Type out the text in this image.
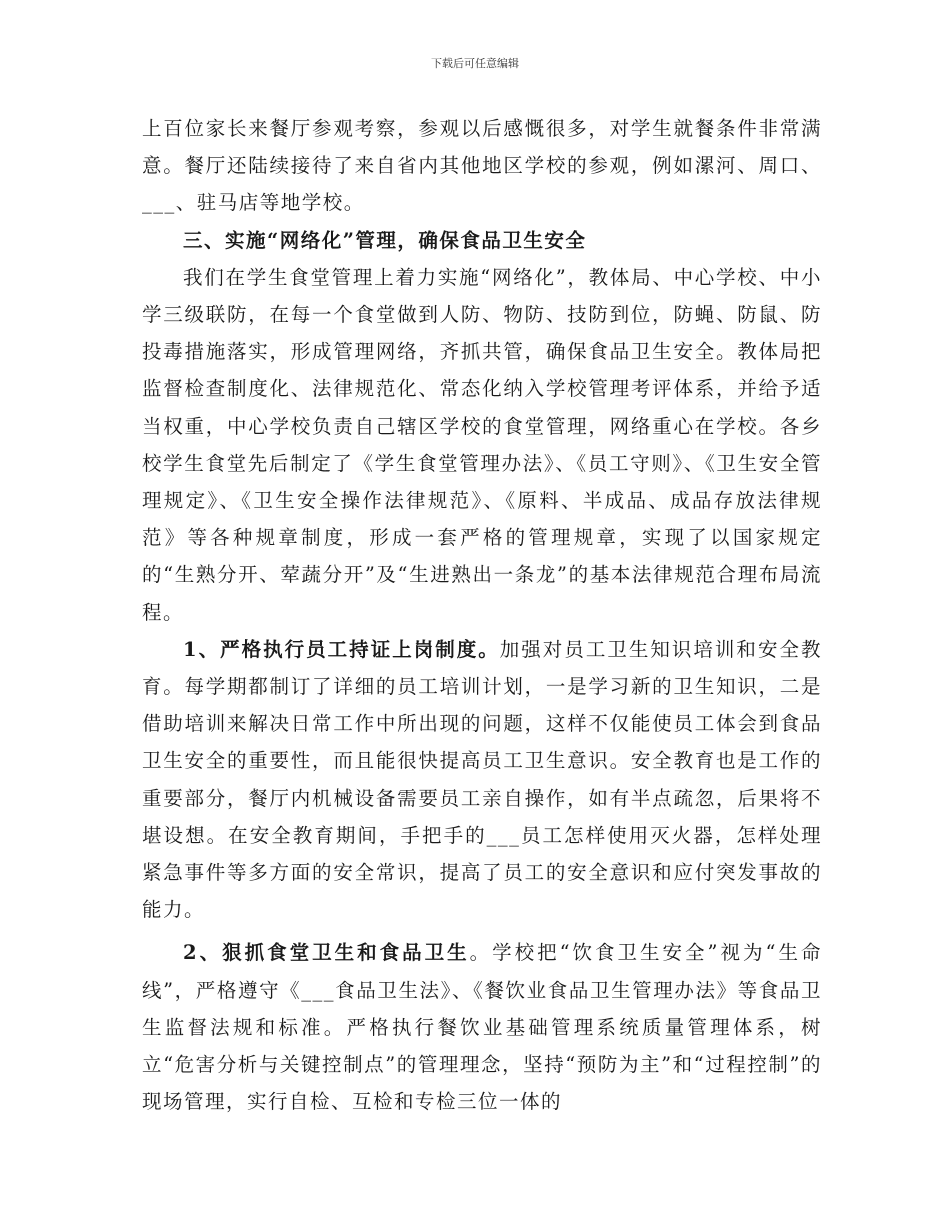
下载后可任意编辑

上百位家长来餐厅参观考察，参观以后感慨很多，对学生就餐条件非常满意。餐厅还陆续接待了来自省内其他地区学校的参观，例如漯河、周口、___、驻马店等地学校。

三、实施“网络化”管理，确保食品卫生安全

我们在学生食堂管理上着力实施“网络化”，教体局、中心学校、中小学三级联防，在每一个食堂做到人防、物防、技防到位，防蝇、防鼠、防投毒措施落实，形成管理网络，齐抓共管，确保食品卫生安全。教体局把监督检查制度化、法律规范化、常态化纳入学校管理考评体系，并给予适当权重，中心学校负责自己辖区学校的食堂管理，网络重心在学校。各乡校学生食堂先后制定了《学生食堂管理办法》、《员工守则》、《卫生安全管理规定》、《卫生安全操作法律规范》、《原料、半成品、成品存放法律规范》等各种规章制度，形成一套严格的管理规章，实现了以国家规定的“生熟分开、荤蔬分开”及“生进熟出一条龙”的基本法律规范合理布局流程。

1、严格执行员工持证上岗制度。加强对员工卫生知识培训和安全教育。每学期都制订了详细的员工培训计划，一是学习新的卫生知识，二是借助培训来解决日常工作中所出现的问题，这样不仅能使员工体会到食品卫生安全的重要性，而且能很快提高员工卫生意识。安全教育也是工作的重要部分，餐厅内机械设备需要员工亲自操作，如有半点疏忽，后果将不堪设想。在安全教育期间，手把手的___员工怎样使用灭火器，怎样处理紧急事件等多方面的安全常识，提高了员工的安全意识和应付突发事故的能力。

2、狠抓食堂卫生和食品卫生。学校把“饮食卫生安全”视为“生命线”，严格遵守《___食品卫生法》、《餐饮业食品卫生管理办法》等食品卫生监督法规和标准。严格执行餐饮业基础管理系统质量管理体系，树立“危害分析与关键控制点”的管理理念，坚持“预防为主”和“过程控制”的现场管理，实行自检、互检和专检三位一体的
